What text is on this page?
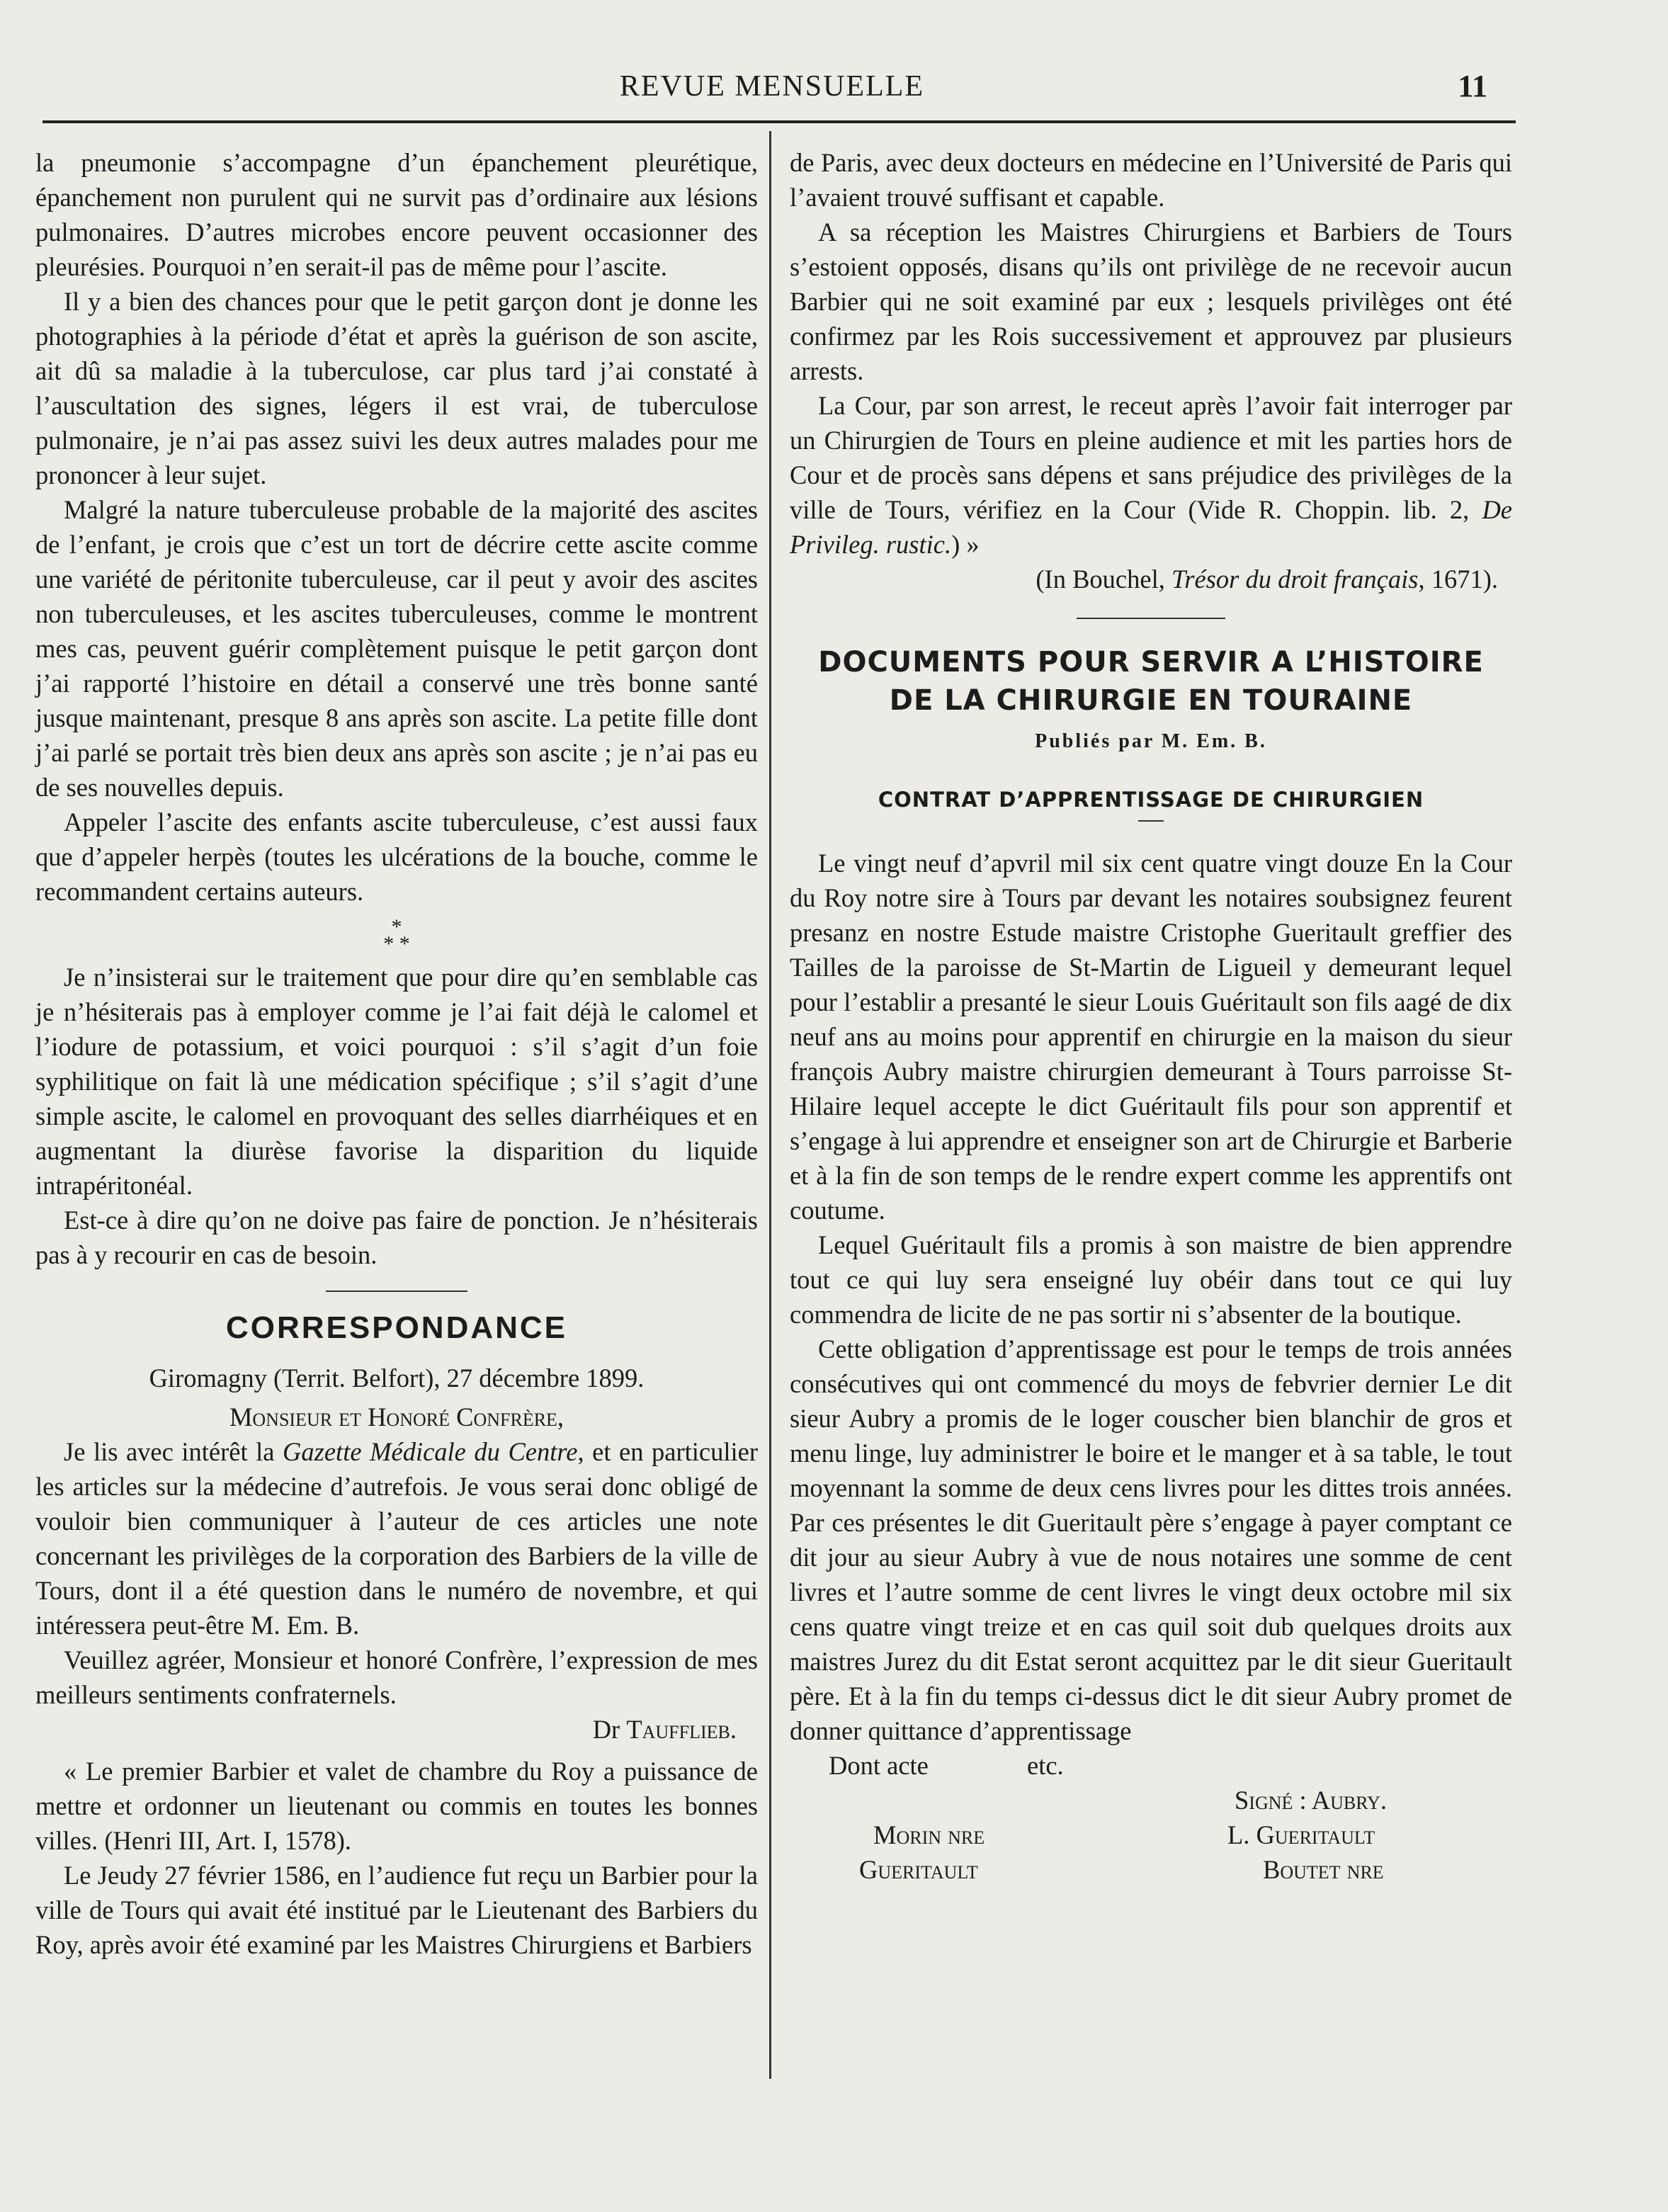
REVUE MENSUELLE	11

la pneumonie s’accompagne d’un épanchement pleurétique, épanchement non purulent qui ne survit pas d’ordinaire aux lésions pulmonaires. D’autres microbes encore peuvent occasionner des pleurésies. Pourquoi n’en serait-il pas de même pour l’ascite.

Il y a bien des chances pour que le petit garçon dont je donne les photographies à la période d’état et après la guérison de son ascite, ait dû sa maladie à la tuberculose, car plus tard j’ai constaté à l’auscultation des signes, légers il est vrai, de tuberculose pulmonaire, je n’ai pas assez suivi les deux autres malades pour me prononcer à leur sujet.

Malgré la nature tuberculeuse probable de la majorité des ascites de l’enfant, je crois que c’est un tort de décrire cette ascite comme une variété de péritonite tuberculeuse, car il peut y avoir des ascites non tuberculeuses, et les ascites tuberculeuses, comme le montrent mes cas, peuvent guérir complètement puisque le petit garçon dont j’ai rapporté l’histoire en détail a conservé une très bonne santé jusque maintenant, presque 8 ans après son ascite. La petite fille dont j’ai parlé se portait très bien deux ans après son ascite ; je n’ai pas eu de ses nouvelles depuis.

Appeler l’ascite des enfants ascite tuberculeuse, c’est aussi faux que d’appeler herpès (toutes les ulcérations de la bouche, comme le recommandent certains auteurs.

*
* *

Je n’insisterai sur le traitement que pour dire qu’en semblable cas je n’hésiterais pas à employer comme je l’ai fait déjà le calomel et l’iodure de potassium, et voici pourquoi : s’il s’agit d’un foie syphilitique on fait là une médication spécifique ; s’il s’agit d’une simple ascite, le calomel en provoquant des selles diarrhéiques et en augmentant la diurèse favorise la disparition du liquide intrapéritonéal.

Est-ce à dire qu’on ne doive pas faire de ponction. Je n’hésiterais pas à y recourir en cas de besoin.

CORRESPONDANCE

Giromagny (Territ. Belfort), 27 décembre 1899.

Monsieur et Honoré Confrère,

Je lis avec intérêt la Gazette Médicale du Centre, et en particulier les articles sur la médecine d’autrefois. Je vous serai donc obligé de vouloir bien communiquer à l’auteur de ces articles une note concernant les privilèges de la corporation des Barbiers de la ville de Tours, dont il a été question dans le numéro de novembre, et qui intéressera peut-être M. Em. B.

Veuillez agréer, Monsieur et honoré Confrère, l’expression de mes meilleurs sentiments confraternels.

Dr Taufflieb.

« Le premier Barbier et valet de chambre du Roy a puissance de mettre et ordonner un lieutenant ou commis en toutes les bonnes villes. (Henri III, Art. I, 1578).

Le Jeudy 27 février 1586, en l’audience fut reçu un Barbier pour la ville de Tours qui avait été institué par le Lieutenant des Barbiers du Roy, après avoir été examiné par les Maistres Chirurgiens et Barbiers

de Paris, avec deux docteurs en médecine en l’Université de Paris qui l’avaient trouvé suffisant et capable.

A sa réception les Maistres Chirurgiens et Barbiers de Tours s’estoient opposés, disans qu’ils ont privilège de ne recevoir aucun Barbier qui ne soit examiné par eux ; lesquels privilèges ont été confirmez par les Rois successivement et approuvez par plusieurs arrests.

La Cour, par son arrest, le receut après l’avoir fait interroger par un Chirurgien de Tours en pleine audience et mit les parties hors de Cour et de procès sans dépens et sans préjudice des privilèges de la ville de Tours, vérifiez en la Cour (Vide R. Choppin. lib. 2, De Privileg. rustic.) »

(In Bouchel, Trésor du droit français, 1671).

DOCUMENTS POUR SERVIR A L’HISTOIRE
DE LA CHIRURGIE EN TOURAINE
Publiés par M. Em. B.
CONTRAT D’APPRENTISSAGE DE CHIRURGIEN

Le vingt neuf d’apvril mil six cent quatre vingt douze En la Cour du Roy notre sire à Tours par devant les notaires soubsignez feurent presanz en nostre Estude maistre Cristophe Gueritault greffier des Tailles de la paroisse de St-Martin de Ligueil y demeurant lequel pour l’establir a presanté le sieur Louis Guéritault son fils aagé de dix neuf ans au moins pour apprentif en chirurgie en la maison du sieur françois Aubry maistre chirurgien demeurant à Tours parroisse St-Hilaire lequel accepte le dict Guéritault fils pour son apprentif et s’engage à lui apprendre et enseigner son art de Chirurgie et Barberie et à la fin de son temps de le rendre expert comme les apprentifs ont coutume.

Lequel Guéritault fils a promis à son maistre de bien apprendre tout ce qui luy sera enseigné luy obéir dans tout ce qui luy commendra de licite de ne pas sortir ni s’absenter de la boutique.

Cette obligation d’apprentissage est pour le temps de trois années consécutives qui ont commencé du moys de febvrier dernier Le dit sieur Aubry a promis de le loger couscher bien blanchir de gros et menu linge, luy administrer le boire et le manger et à sa table, le tout moyennant la somme de deux cens livres pour les dittes trois années. Par ces présentes le dit Gueritault père s’engage à payer comptant ce dit jour au sieur Aubry à vue de nous notaires une somme de cent livres et l’autre somme de cent livres le vingt deux octobre mil six cens quatre vingt treize et en cas quil soit dub quelques droits aux maistres Jurez du dit Estat seront acquittez par le dit sieur Gueritault père. Et à la fin du temps ci-dessus dict le dit sieur Aubry promet de donner quittance d’apprentissage

Dont acte	etc.
Signé : Aubry.
Morin nre	L. Gueritault
Gueritault	Boutet nre
